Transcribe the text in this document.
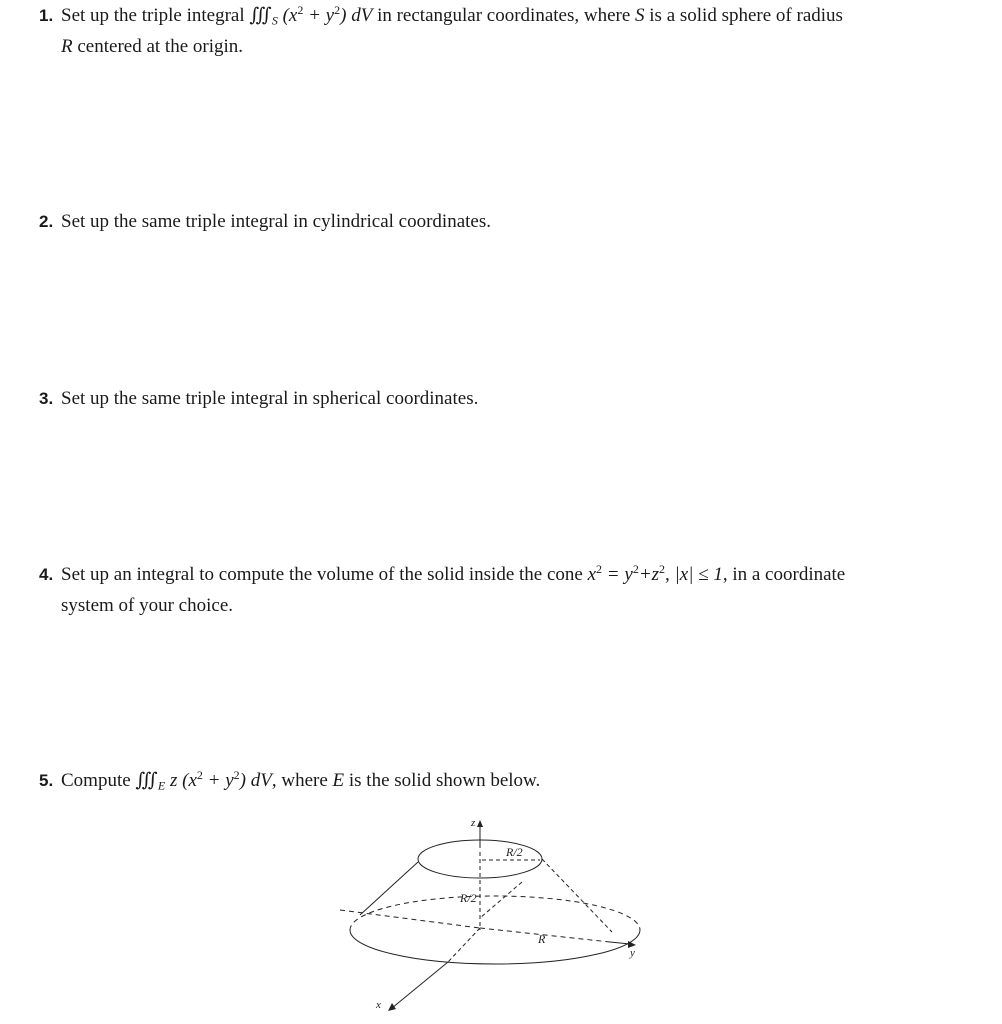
1. Set up the triple integral $∭_S$ $(x^2 + y^2)$ dV in rectangular coordinates, where S is a solid sphere of radius
R centered at the origin.
2. Set up the same triple integral in cylindrical coordinates.
3. Set up the same triple integral in spherical coordinates.
4. Set up an integral to compute the volume of the solid inside the cone $x^2 = y^2+z^2$, |x| ≤ 1, in a coordinate
system of your choice.
5. Compute $∭_E$ z $(x^2 + y^2)$ dV, where E is the solid shown below.
z
R/2
R/2
R
y
x
